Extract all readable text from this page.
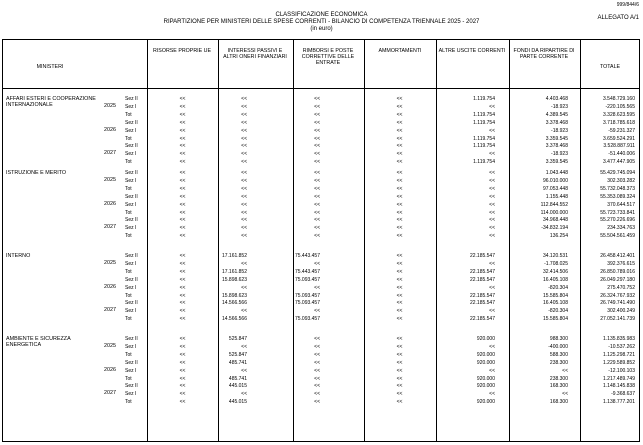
999/844/6
CLASSIFICAZIONE ECONOMICA
RIPARTIZIONE PER MINISTERI DELLE SPESE CORRENTI - BILANCIO DI COMPETENZA TRIENNALE 2025 - 2027
(in euro)
ALLEGATO A/1
MINISTERI
RISORSE PROPRIE UE	INTERESSI PASSIVI E ALTRI ONERI FINANZIARI
RIMBORSI E POSTE CORRETTIVE DELLE ENTRATE
AMMORTAMENTI	ALTRE USCITE CORRENTI	FONDI DA RIPARTIRE DI PARTE CORRENTE
TOTALE
AFFARI ESTERI E COOPERAZIONE INTERNAZIONALE	2025
Sez II	<<	<<	<<	<<	1.119.754	4.403.468	3.548.729.160
Sez I	<<	<<	<<	<<	<<	-18.923	-220.105.565
Tot	<<	<<	<<	<<	1.119.754	4.389.545	3.328.623.595
2026
Sez II	<<	<<	<<	<<	1.119.754	3.378.468	3.718.785.618
Sez I	<<	<<	<<	<<	<<	-18.923	-59.231.327
Tot	<<	<<	<<	<<	1.119.754	3.359.545	3.659.524.291
2027
Sez II	<<	<<	<<	<<	1.119.754	3.378.468	3.528.887.911
Sez I	<<	<<	<<	<<	<<	-18.923	-51.440.006
Tot	<<	<<	<<	<<	1.119.754	3.359.545	3.477.447.905
ISTRUZIONE E MERITO
2025
Sez II	<<	<<	<<	<<	<<	1.043.448	55.429.745.094
Sez I	<<	<<	<<	<<	<<	96.010.000	302.303.282
Tot	<<	<<	<<	<<	<<	97.053.448	55.732.048.373
2026
Sez II	<<	<<	<<	<<	<<	1.155.448	55.353.089.324
Sez I	<<	<<	<<	<<	<<	112.844.552	370.644.517
Tot	<<	<<	<<	<<	<<	114.000.000	55.723.733.841
2027
Sez II	<<	<<	<<	<<	<<	34.968.448	55.270.226.696
Sez I	<<	<<	<<	<<	<<	-34.832.194	234.334.763
Tot	<<	<<	<<	<<	<<	136.254	55.504.561.459
INTERNO
2025
Sez II	<<	17.161.852	75.443.457	<<	22.185.547	34.120.531	26.458.412.401
Sez I	<<	<<	<<	<<	<<	-1.708.025	392.376.615
Tot	<<	17.161.852	75.443.457	<<	22.185.547	32.414.506	26.850.789.016
2026
Sez II	<<	15.898.623	75.093.457	<<	22.185.547	16.405.108	26.049.297.180
Sez I	<<	<<	<<	<<	<<	-820.304	275.470.752
Tot	<<	15.898.623	75.093.457	<<	22.185.547	15.585.804	26.324.767.932
2027
Sez II	<<	14.566.566	75.093.457	<<	22.185.547	16.405.108	26.749.741.490
Sez I	<<	<<	<<	<<	<<	-820.304	302.400.249
Tot	<<	14.566.566	75.093.457	<<	22.185.547	15.585.804	27.052.141.739
AMBIENTE E SICUREZZA ENERGETICA	2025
Sez II	<<	525.847	<<	<<	920.000	988.300	1.135.835.983
Sez I	<<	<<	<<	<<	<<	-400.000	-10.537.262
Tot	<<	525.847	<<	<<	920.000	588.300	1.125.298.721
2026
Sez II	<<	485.741	<<	<<	920.000	238.300	1.229.589.852
Sez I	<<	<<	<<	<<	<<	<<	-12.100.103
Tot	<<	485.741	<<	<<	920.000	238.300	1.217.489.749
2027
Sez II	<<	445.015	<<	<<	920.000	168.300	1.148.145.838
Sez I	<<	<<	<<	<<	<<	<<	-9.368.637
Tot	<<	445.015	<<	<<	920.000	168.300	1.138.777.201
